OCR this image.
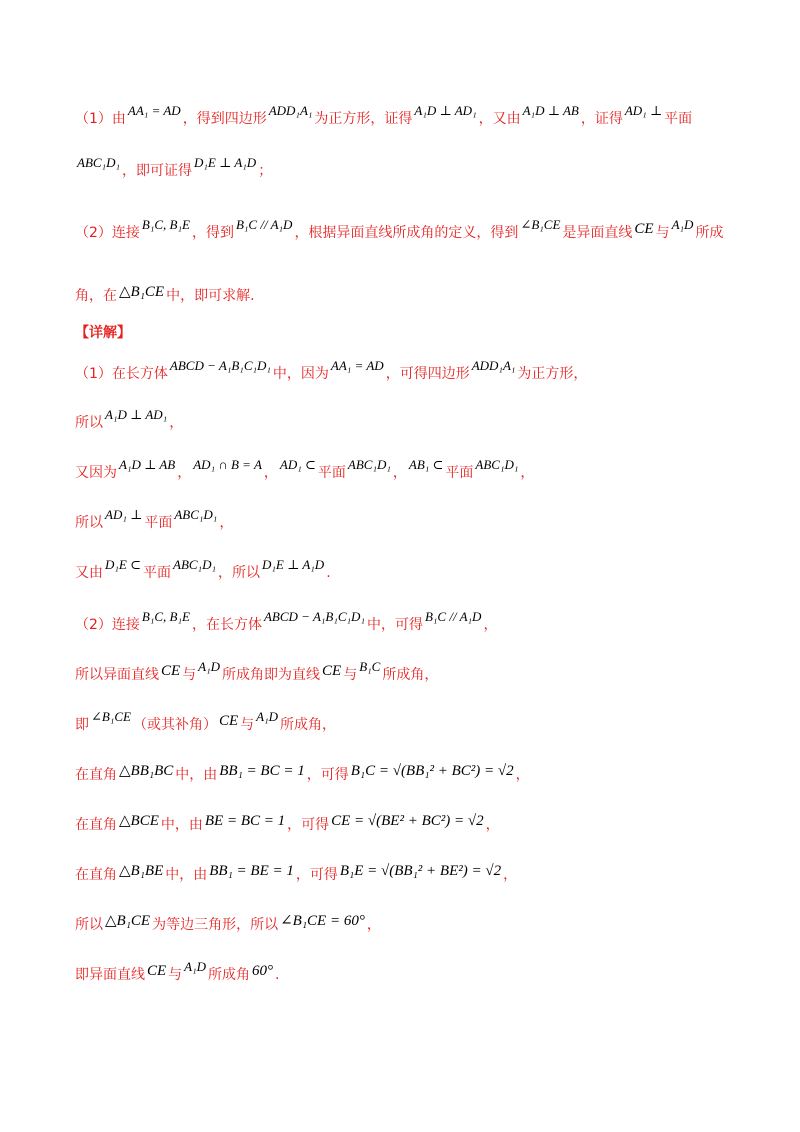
（1）由AA₁ = AD，得到四边形ADD₁A₁为正方形，证得A₁D ⊥ AD₁，又由A₁D ⊥ AB，证得AD₁ ⊥平面
ABC₁D₁，即可证得D₁E ⊥ A₁D；
（2）连接B₁C, B₁E，得到B₁C // A₁D，根据异面直线所成角的定义，得到∠B₁CE是异面直线 CE 与A₁D所成
角，在 △B₁CE 中，即可求解.
【详解】
（1）在长方体ABCD − A₁B₁C₁D₁中，因为AA₁ = AD，可得四边形ADD₁A₁为正方形，
所以A₁D ⊥ AD₁，
又因为A₁D ⊥ AB，AD₁ ∩ B = A，AD₁ ⊂平面ABC₁D₁，AB₁ ⊂平面ABC₁D₁，
所以AD₁ ⊥平面ABC₁D₁，
又由D₁E ⊂平面ABC₁D₁，所以D₁E ⊥ A₁D.
（2）连接B₁C, B₁E，在长方体ABCD − A₁B₁C₁D₁中，可得B₁C // A₁D，
所以异面直线 CE 与A₁D所成角即为直线 CE 与B₁C所成角，
即∠B₁CE（或其补角） CE 与A₁D所成角，
在直角 △BB₁BC 中，由 BB₁ = BC = 1 ，可得 B₁C = √(BB₁² + BC²) = √2 ，
在直角 △BCE 中，由 BE = BC = 1 ，可得 CE = √(BE² + BC²) = √2 ，
在直角 △B₁BE 中，由 BB₁ = BE = 1 ，可得 B₁E = √(BB₁² + BE²) = √2 ，
所以 △B₁CE 为等边三角形，所以 ∠B₁CE = 60° ，
即异面直线 CE 与A₁D所成角 60° .
